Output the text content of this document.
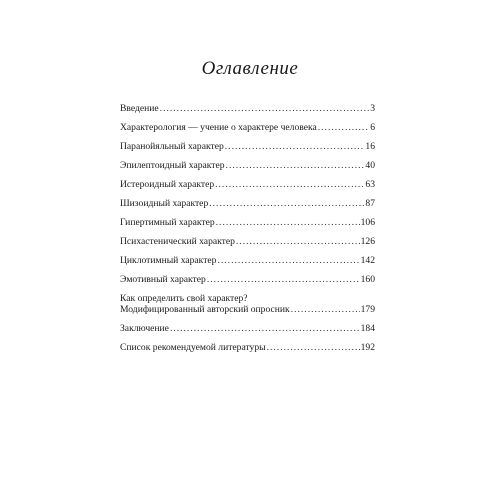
Оглавление
Введение .....	3
Характерология — учение о характере человека .....	6
Паранойяльный характер .....	16
Эпилептоидный характер .....	40
Истероидный характер .....	63
Шизоидный характер .....	87
Гипертимный характер .....	106
Психастенический характер .....	126
Циклотимный характер .....	142
Эмотивный характер .....	160
Как определить свой характер?
Модифицированный авторский опросник .....	179
Заключение .....	184
Список рекомендуемой литературы .....	192
